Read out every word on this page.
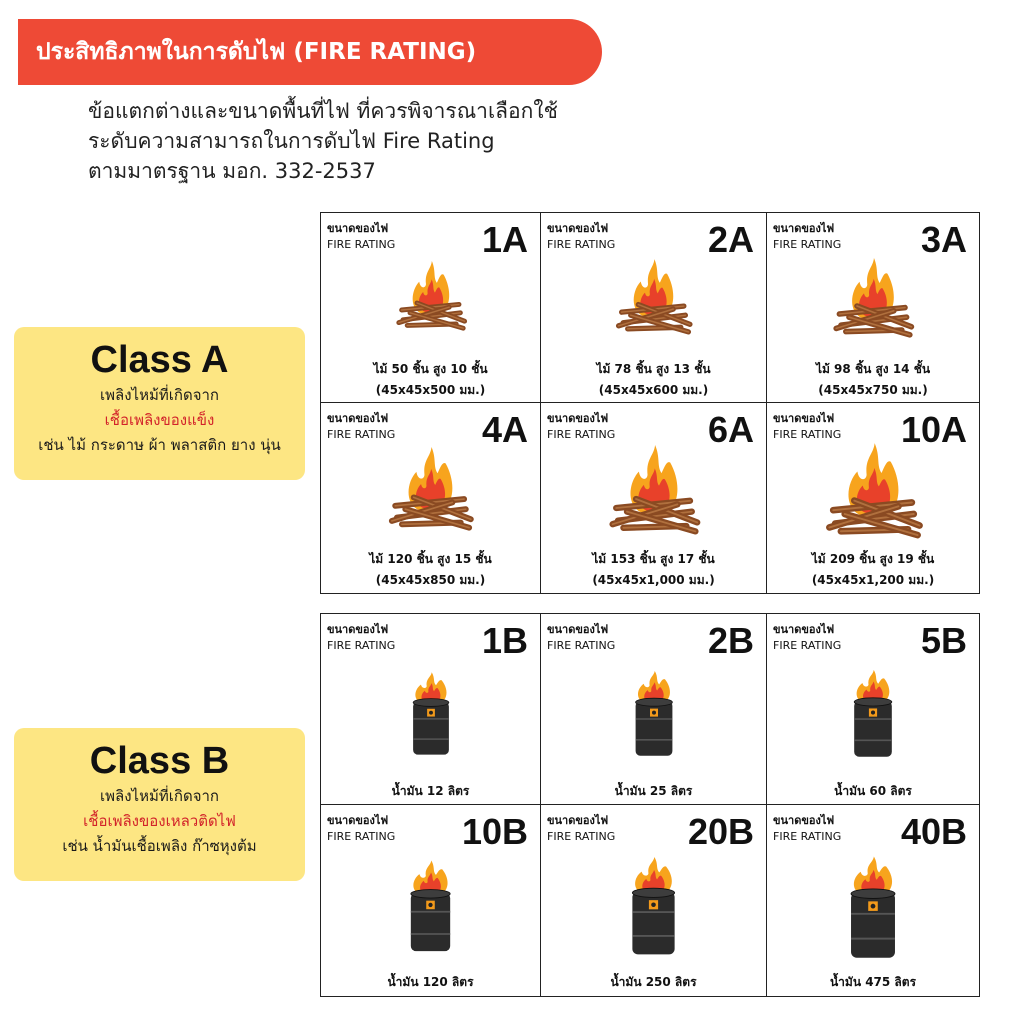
ประสิทธิภาพในการดับไฟ (FIRE RATING)
ข้อแตกต่างและขนาดพื้นที่ไฟ ที่ควรพิจารณาเลือกใช้
ระดับความสามารถในการดับไฟ Fire Rating
ตามมาตรฐาน มอก. 332-2537
Class A
เพลิงไหม้ที่เกิดจาก
เชื้อเพลิงของแข็ง
เช่น ไม้ กระดาษ ผ้า พลาสติก ยาง นุ่น
Class B
เพลิงไหม้ที่เกิดจาก
เชื้อเพลิงของเหลวติดไฟ
เช่น น้ำมันเชื้อเพลิง ก๊าซหุงต้ม
ขนาดของไฟ
FIRE RATING 1A
ไม้ 50 ชิ้น สูง 10 ชั้น
(45x45x500 มม.)
ขนาดของไฟ
FIRE RATING	2A
ไม้ 78 ชิ้น สูง 13 ชั้น
(45x45x600 มม.)
ขนาดของไฟ
FIRE RATING 3A
ไม้ 98 ชิ้น สูง 14 ชั้น
(45x45x750 มม.)
ขนาดของไฟ
FIRE RATING 4A
ไม้ 120 ชิ้น สูง 15 ชั้น
(45x45x850 มม.)
ขนาดของไฟ
FIRE RATING	6A
ไม้ 153 ชิ้น สูง 17 ชั้น
(45x45x1,000 มม.)
ขนาดของไฟ
FIRE RATING 10A
ไม้ 209 ชิ้น สูง 19 ชั้น
(45x45x1,200 มม.)
ขนาดของไฟ
FIRE RATING 1B
น้ำมัน 12 ลิตร
ขนาดของไฟ
FIRE RATING	2B
น้ำมัน 25 ลิตร
ขนาดของไฟ
FIRE RATING 5B
น้ำมัน 60 ลิตร
ขนาดของไฟ
FIRE RATING 10B
น้ำมัน 120 ลิตร
ขนาดของไฟ
FIRE RATING 20B
น้ำมัน 250 ลิตร
ขนาดของไฟ
FIRE RATING 40B
น้ำมัน 475 ลิตร
